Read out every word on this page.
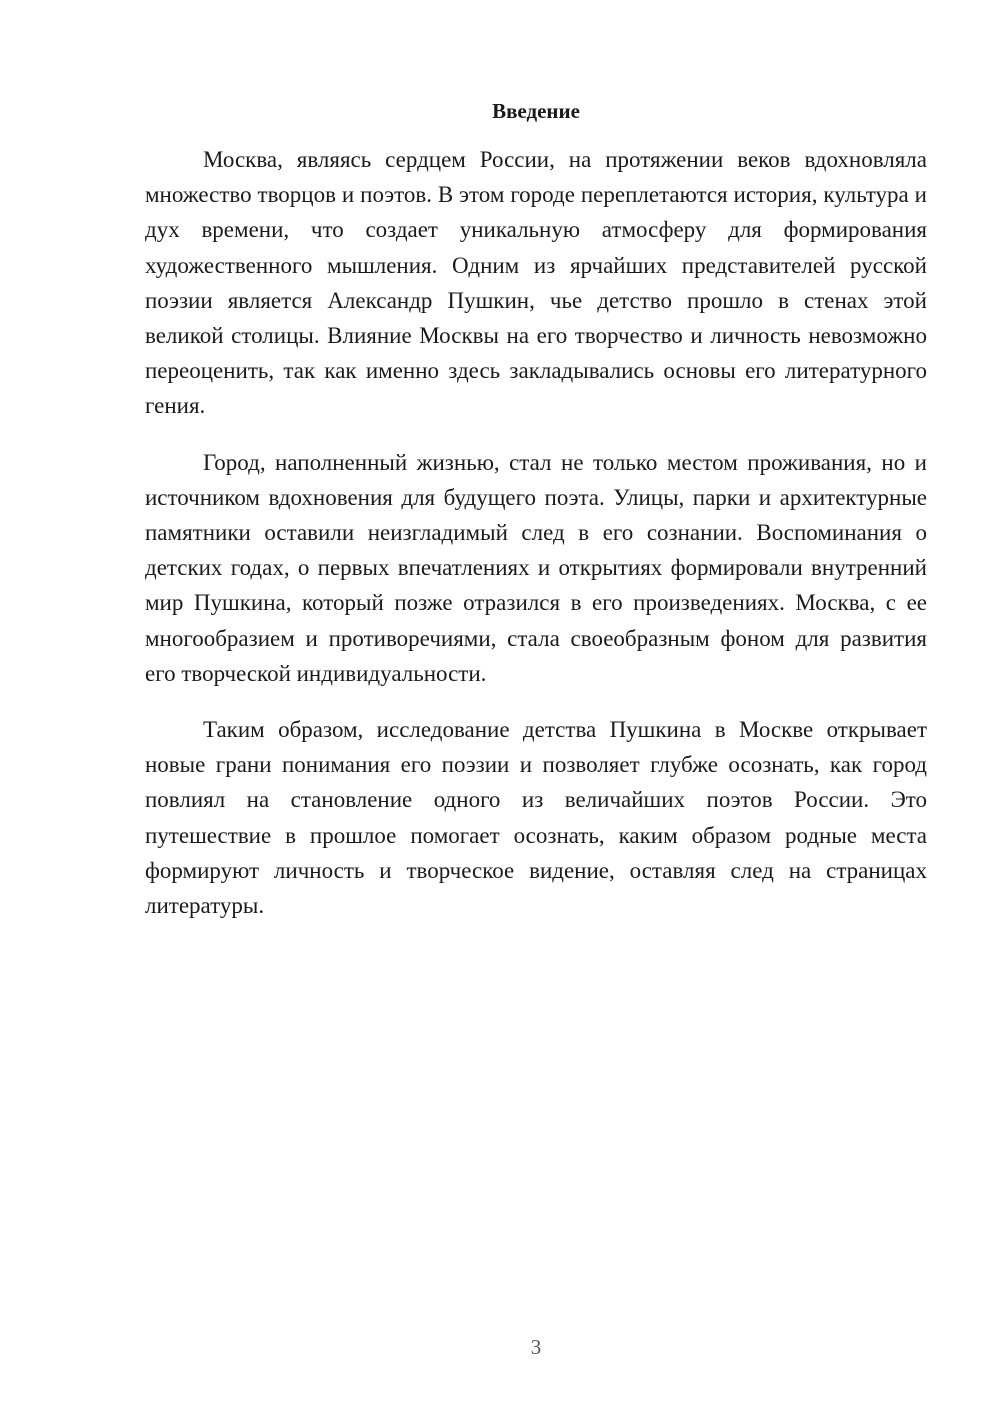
Введение

Москва, являясь сердцем России, на протяжении веков вдохновляла множество творцов и поэтов. В этом городе переплетаются история, культура и дух времени, что создает уникальную атмосферу для формирования художественного мышления. Одним из ярчайших представителей русской поэзии является Александр Пушкин, чье детство прошло в стенах этой великой столицы. Влияние Москвы на его творчество и личность невозможно переоценить, так как именно здесь закладывались основы его литературного гения.

Город, наполненный жизнью, стал не только местом проживания, но и источником вдохновения для будущего поэта. Улицы, парки и архитектурные памятники оставили неизгладимый след в его сознании. Воспоминания о детских годах, о первых впечатлениях и открытиях формировали внутренний мир Пушкина, который позже отразился в его произведениях. Москва, с ее многообразием и противоречиями, стала своеобразным фоном для развития его творческой индивидуальности.

Таким образом, исследование детства Пушкина в Москве открывает новые грани понимания его поэзии и позволяет глубже осознать, как город повлиял на становление одного из величайших поэтов России. Это путешествие в прошлое помогает осознать, каким образом родные места формируют личность и творческое видение, оставляя след на страницах литературы.

3
